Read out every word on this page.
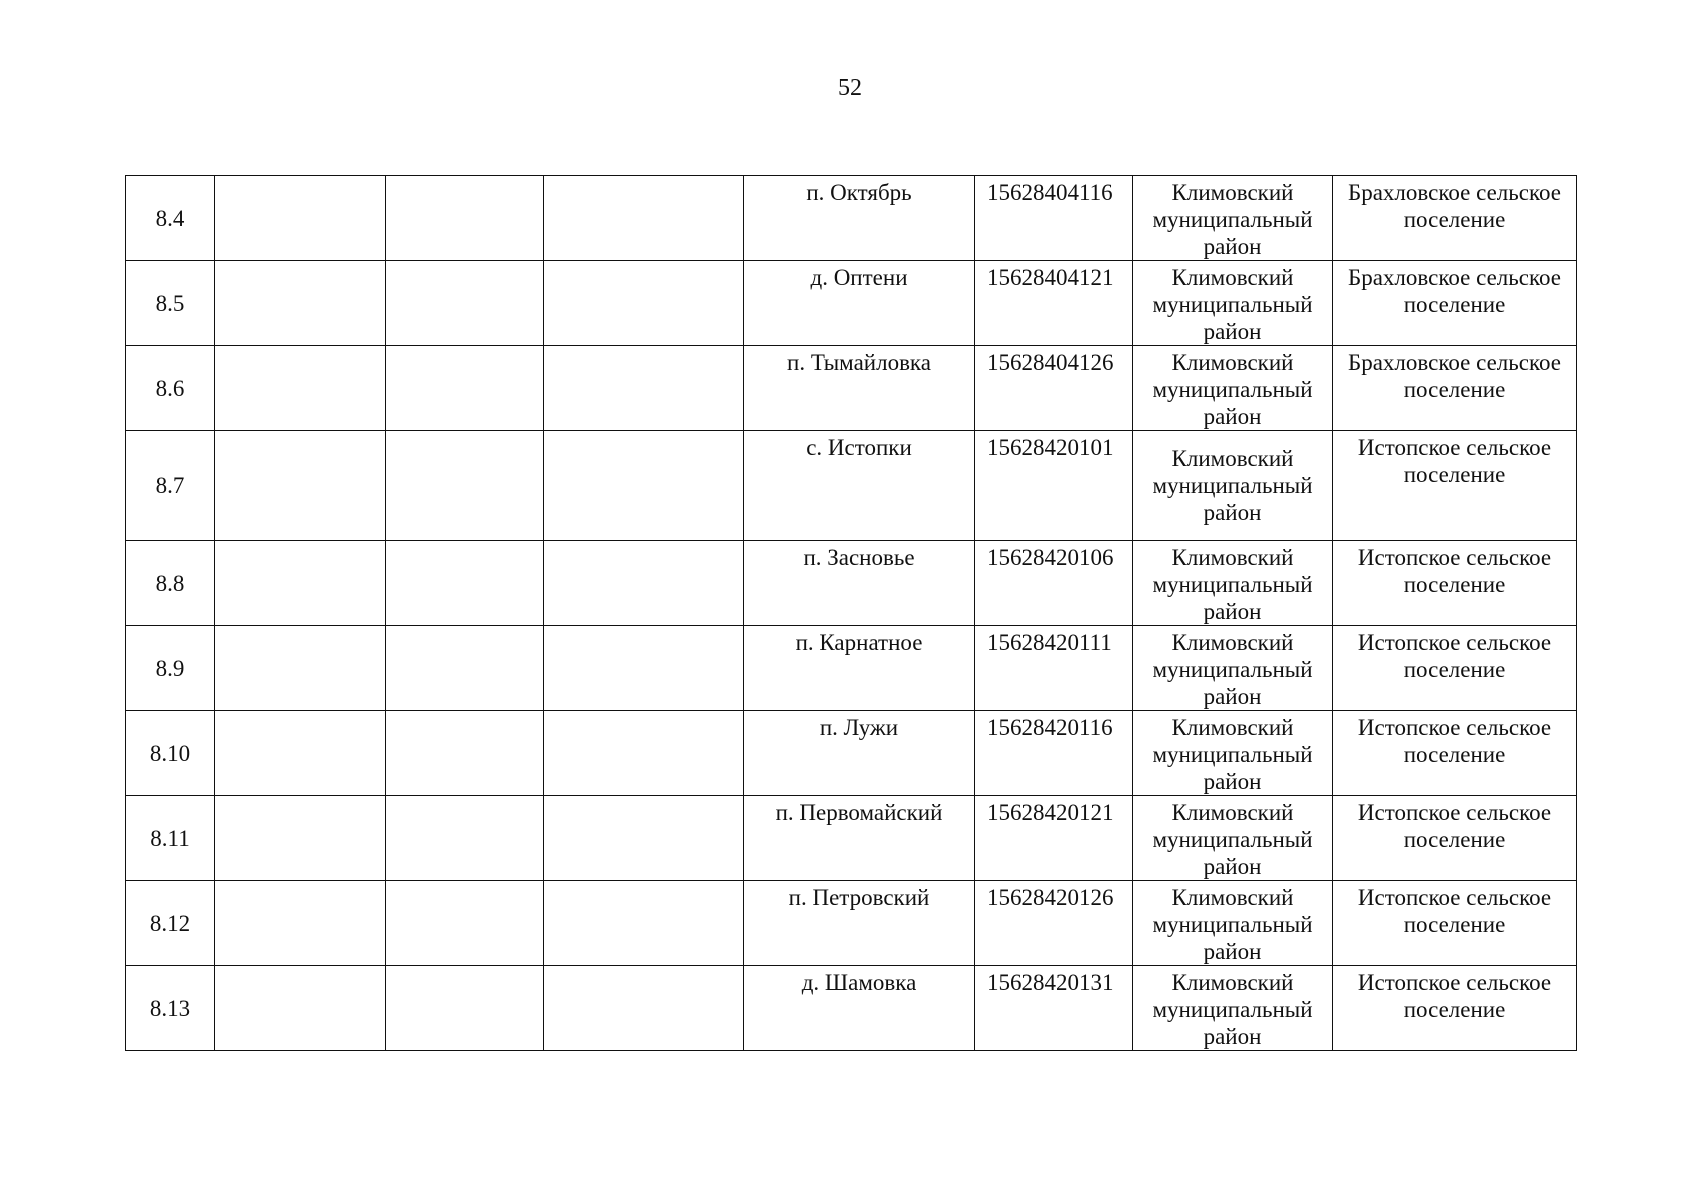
52
8.4				п. Октябрь	15628404116	Климовский муниципальный район	Брахловское сельское поселение
8.5				д. Оптени	15628404121	Климовский муниципальный район	Брахловское сельское поселение
8.6				п. Тымайловка	15628404126	Климовский муниципальный район	Брахловское сельское поселение
8.7				с. Истопки	15628420101	Климовский муниципальный район	Истопское сельское поселение
8.8				п. Засновье	15628420106	Климовский муниципальный район	Истопское сельское поселение
8.9				п. Карнатное	15628420111	Климовский муниципальный район	Истопское сельское поселение
8.10				п. Лужи	15628420116	Климовский муниципальный район	Истопское сельское поселение
8.11				п. Первомайский	15628420121	Климовский муниципальный район	Истопское сельское поселение
8.12				п. Петровский	15628420126	Климовский муниципальный район	Истопское сельское поселение
8.13				д. Шамовка	15628420131	Климовский муниципальный район	Истопское сельское поселение
